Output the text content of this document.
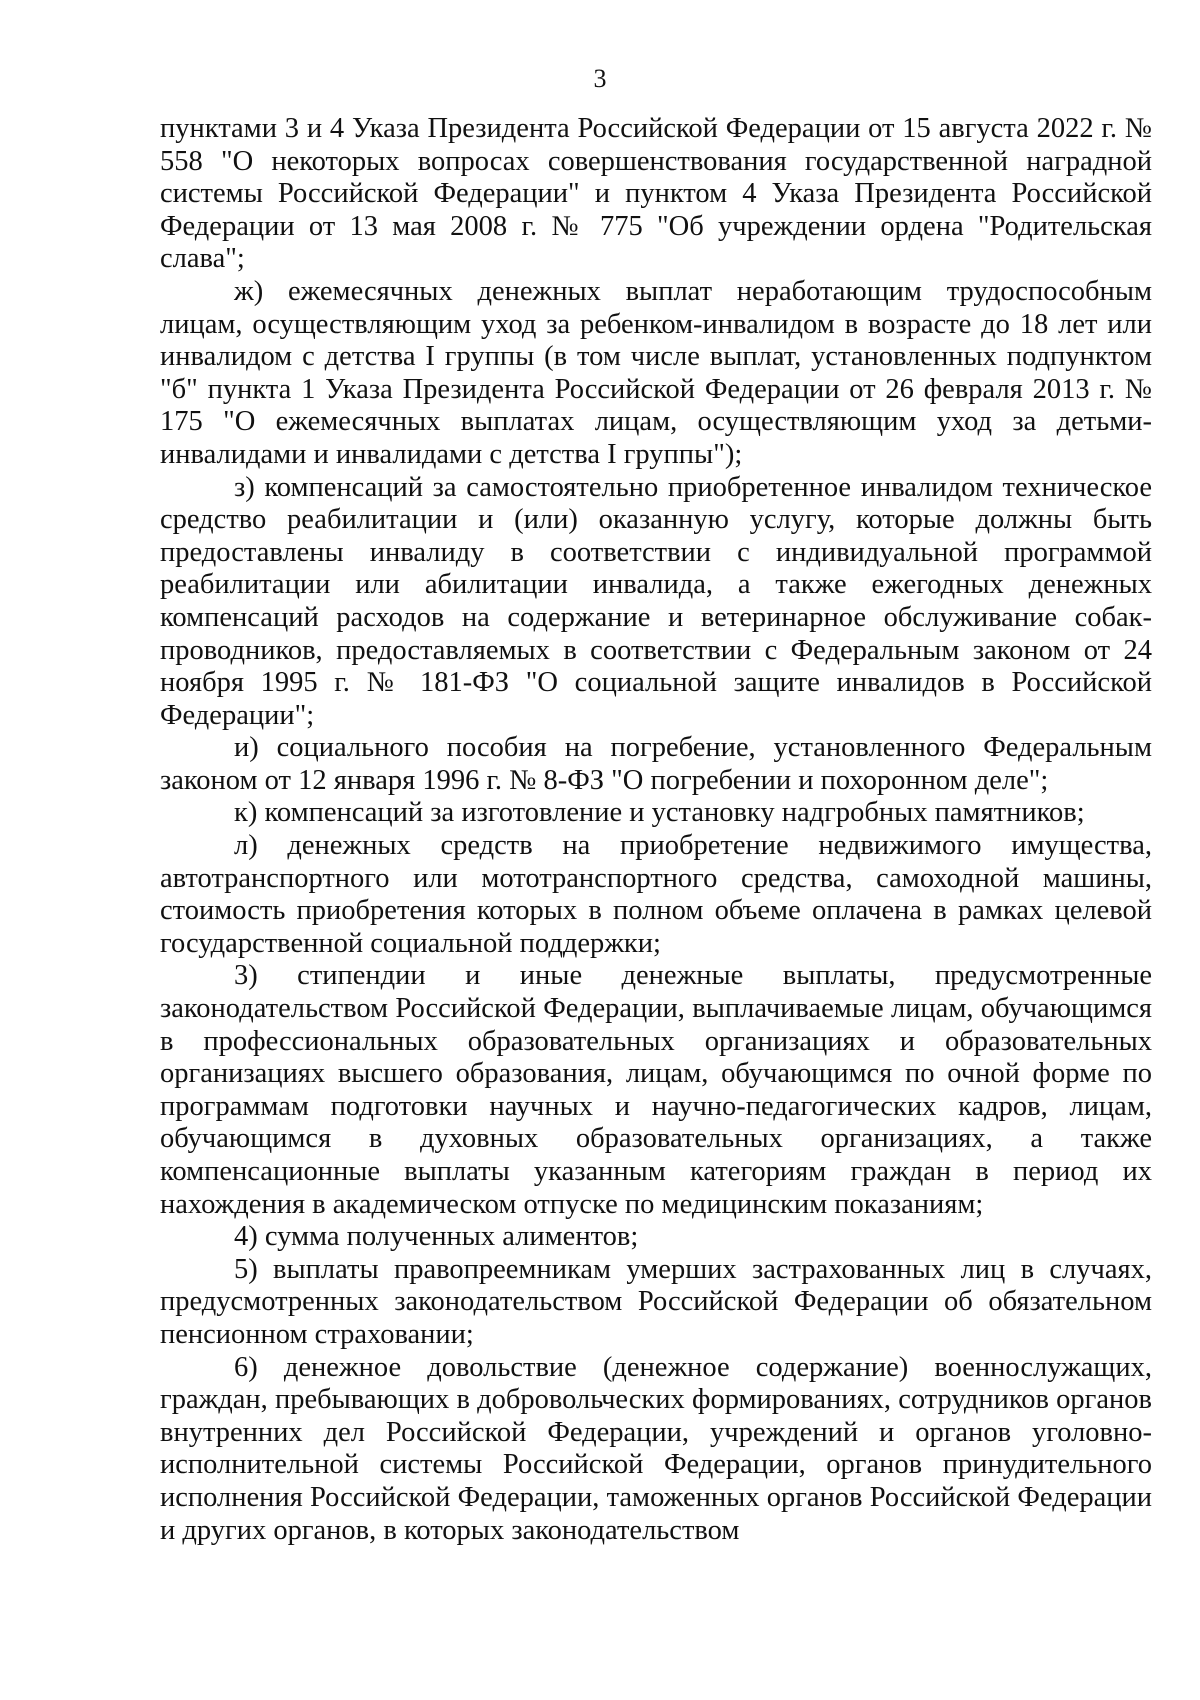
3

пунктами 3 и 4 Указа Президента Российской Федерации от 15 августа 2022 г. № 558 "О некоторых вопросах совершенствования государственной наградной системы Российской Федерации" и пунктом 4 Указа Президента Российской Федерации от 13 мая 2008 г. № 775 "Об учреждении ордена "Родительская слава";

ж) ежемесячных денежных выплат неработающим трудоспособным лицам, осуществляющим уход за ребенком-инвалидом в возрасте до 18 лет или инвалидом с детства I группы (в том числе выплат, установленных подпунктом "б" пункта 1 Указа Президента Российской Федерации от 26 февраля 2013 г. № 175 "О ежемесячных выплатах лицам, осуществляющим уход за детьми-инвалидами и инвалидами с детства I группы");

з) компенсаций за самостоятельно приобретенное инвалидом техническое средство реабилитации и (или) оказанную услугу, которые должны быть предоставлены инвалиду в соответствии с индивидуальной программой реабилитации или абилитации инвалида, а также ежегодных денежных компенсаций расходов на содержание и ветеринарное обслуживание собак-проводников, предоставляемых в соответствии с Федеральным законом от 24 ноября 1995 г. № 181-ФЗ "О социальной защите инвалидов в Российской Федерации";

и) социального пособия на погребение, установленного Федеральным законом от 12 января 1996 г. № 8-ФЗ "О погребении и похоронном деле";

к) компенсаций за изготовление и установку надгробных памятников;

л) денежных средств на приобретение недвижимого имущества, автотранспортного или мототранспортного средства, самоходной машины, стоимость приобретения которых в полном объеме оплачена в рамках целевой государственной социальной поддержки;

3) стипендии и иные денежные выплаты, предусмотренные законодательством Российской Федерации, выплачиваемые лицам, обучающимся в профессиональных образовательных организациях и образовательных организациях высшего образования, лицам, обучающимся по очной форме по программам подготовки научных и научно-педагогических кадров, лицам, обучающимся в духовных образовательных организациях, а также компенсационные выплаты указанным категориям граждан в период их нахождения в академическом отпуске по медицинским показаниям;

4) сумма полученных алиментов;

5) выплаты правопреемникам умерших застрахованных лиц в случаях, предусмотренных законодательством Российской Федерации об обязательном пенсионном страховании;

6) денежное довольствие (денежное содержание) военнослужащих, граждан, пребывающих в добровольческих формированиях, сотрудников органов внутренних дел Российской Федерации, учреждений и органов уголовно-исполнительной системы Российской Федерации, органов принудительного исполнения Российской Федерации, таможенных органов Российской Федерации и других органов, в которых законодательством
